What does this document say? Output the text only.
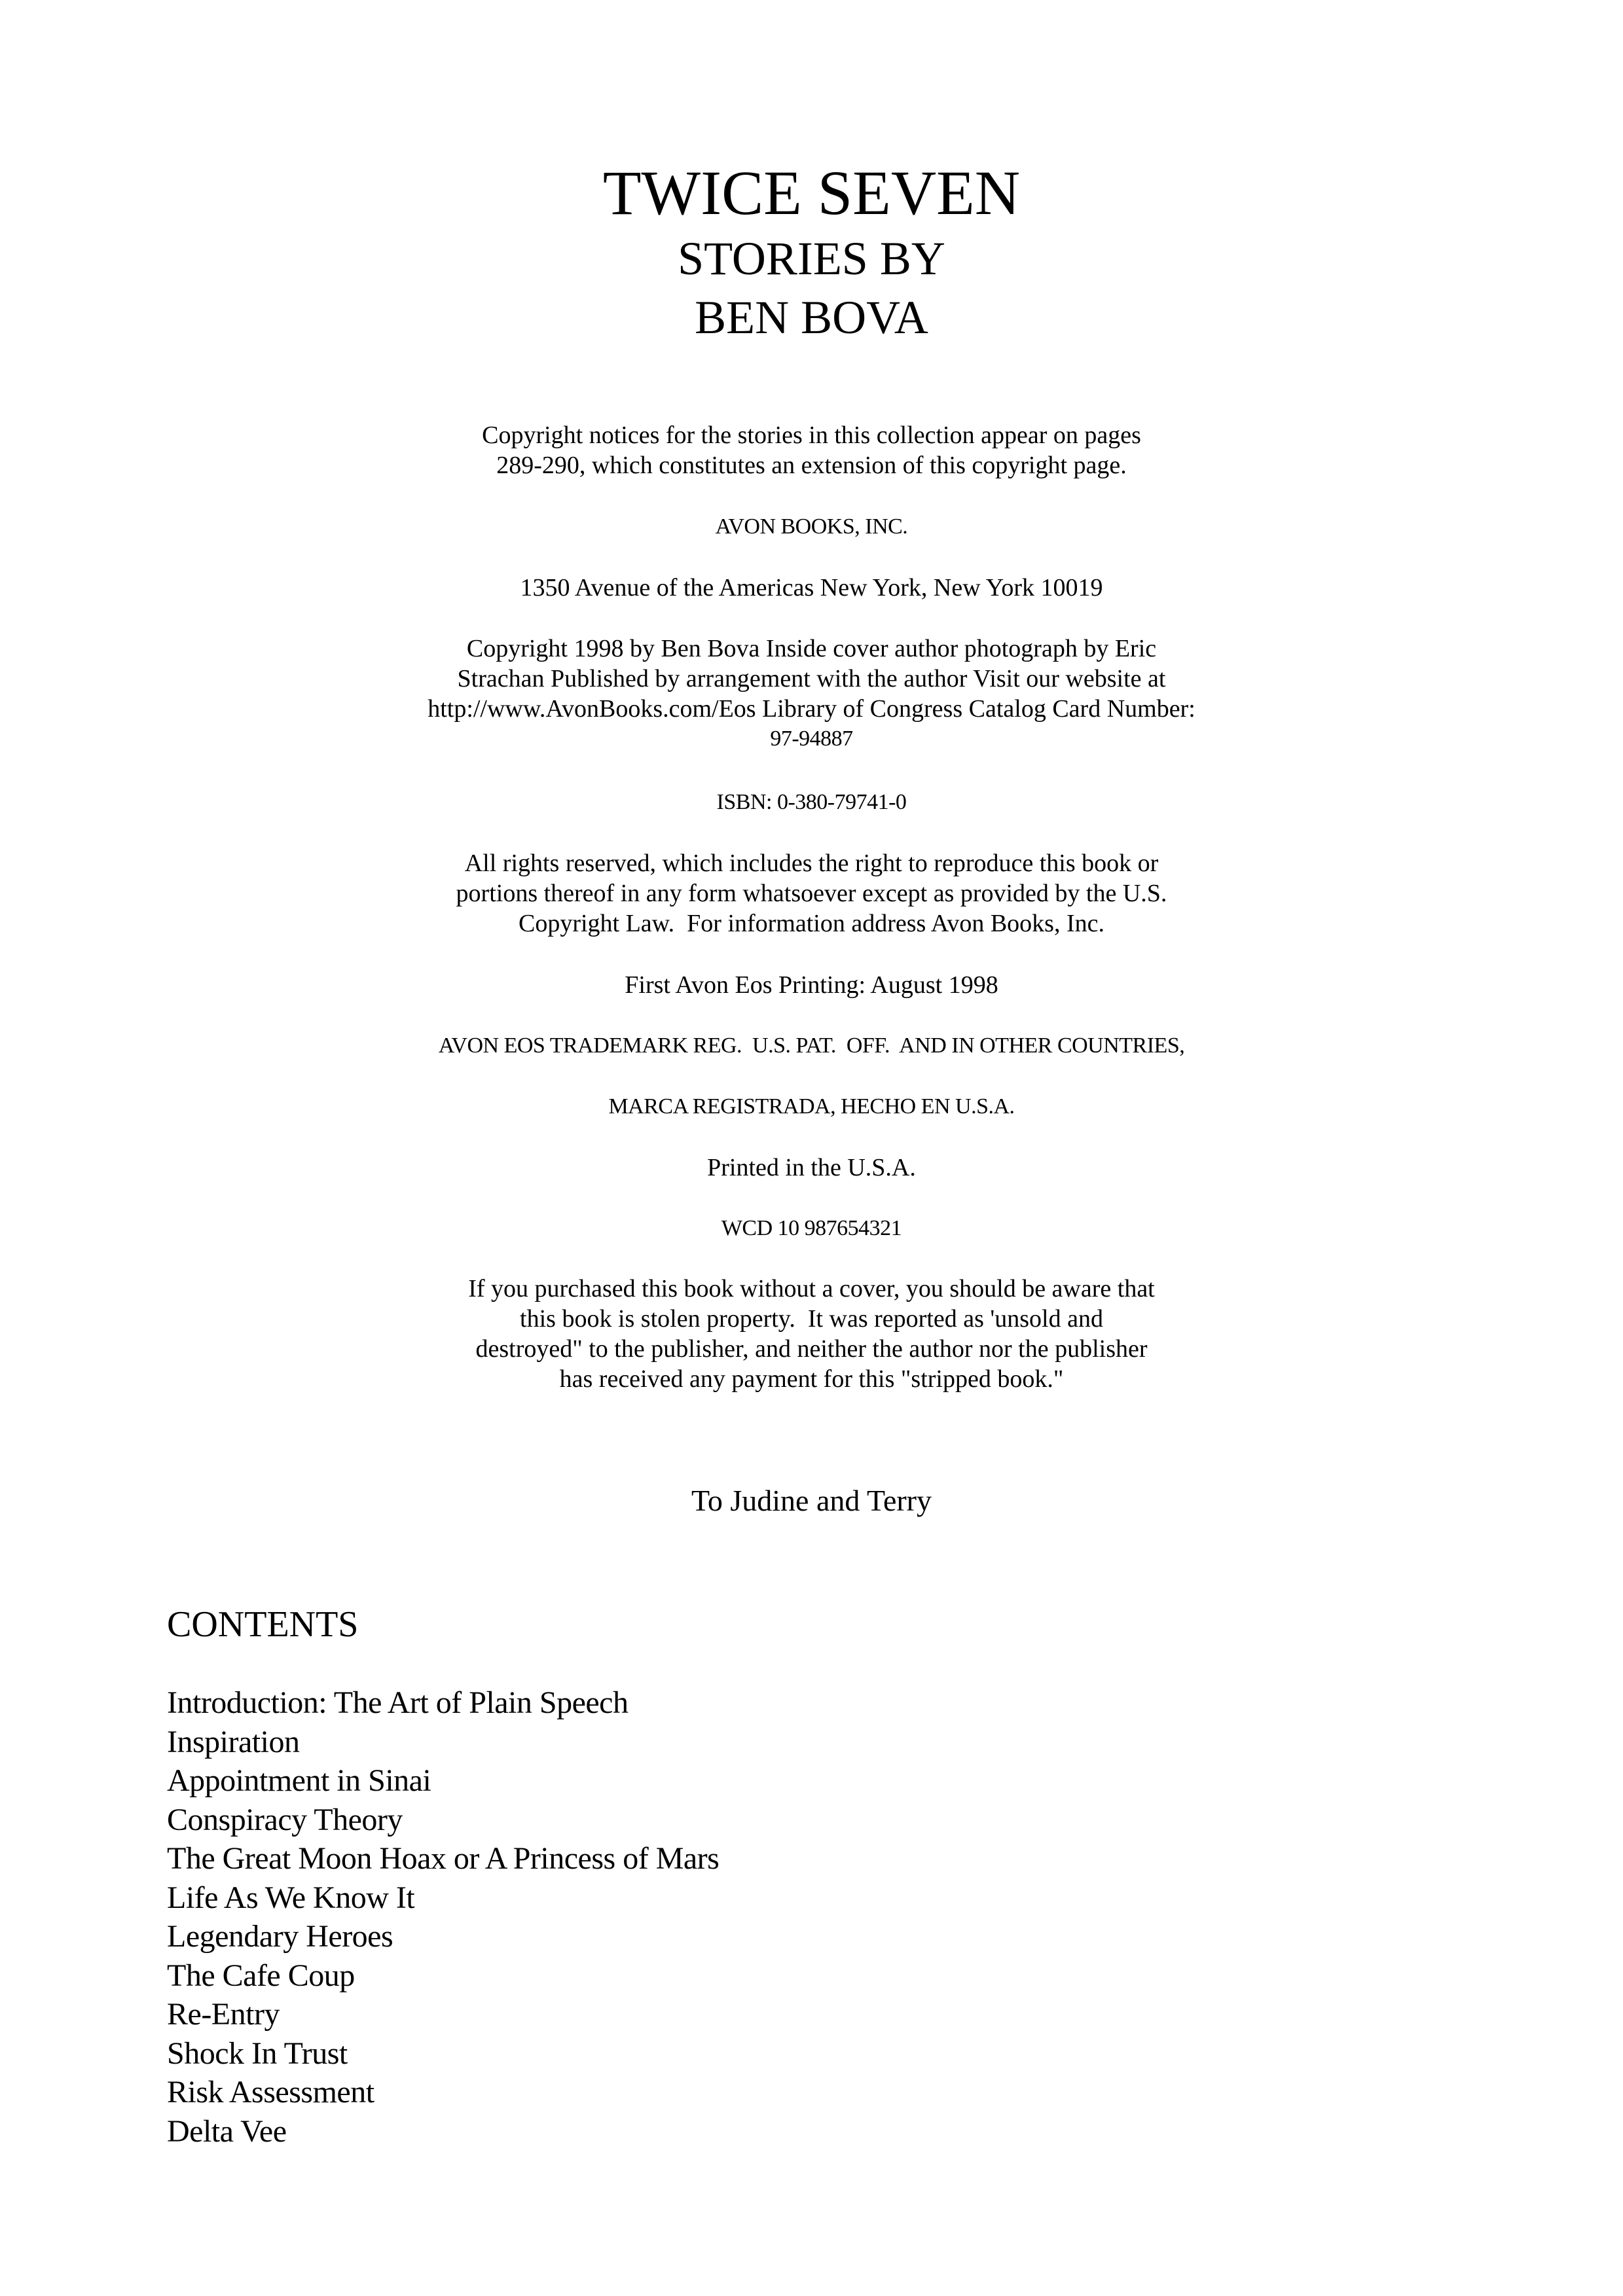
TWICE SEVEN
STORIES BY
BEN BOVA
Copyright notices for the stories in this collection appear on pages
289-290, which constitutes an extension of this copyright page.
AVON BOOKS, INC.
1350 Avenue of the Americas New York, New York 10019
Copyright 1998 by Ben Bova Inside cover author photograph by Eric
Strachan Published by arrangement with the author Visit our website at
http://www.AvonBooks.com/Eos Library of Congress Catalog Card Number:
97-94887
ISBN: 0-380-79741-0
All rights reserved, which includes the right to reproduce this book or
portions thereof in any form whatsoever except as provided by the U.S.
Copyright Law.  For information address Avon Books, Inc.
First Avon Eos Printing: August 1998
AVON EOS TRADEMARK REG.  U.S. PAT.  OFF.  AND IN OTHER COUNTRIES,
MARCA REGISTRADA, HECHO EN U.S.A.
Printed in the U.S.A.
WCD 10 987654321
If you purchased this book without a cover, you should be aware that
this book is stolen property.  It was reported as 'unsold and
destroyed" to the publisher, and neither the author nor the publisher
has received any payment for this "stripped book."
To Judine and Terry
CONTENTS
Introduction: The Art of Plain Speech
Inspiration
Appointment in Sinai
Conspiracy Theory
The Great Moon Hoax or A Princess of Mars
Life As We Know It
Legendary Heroes
The Cafe Coup
Re-Entry
Shock In Trust
Risk Assessment
Delta Vee
